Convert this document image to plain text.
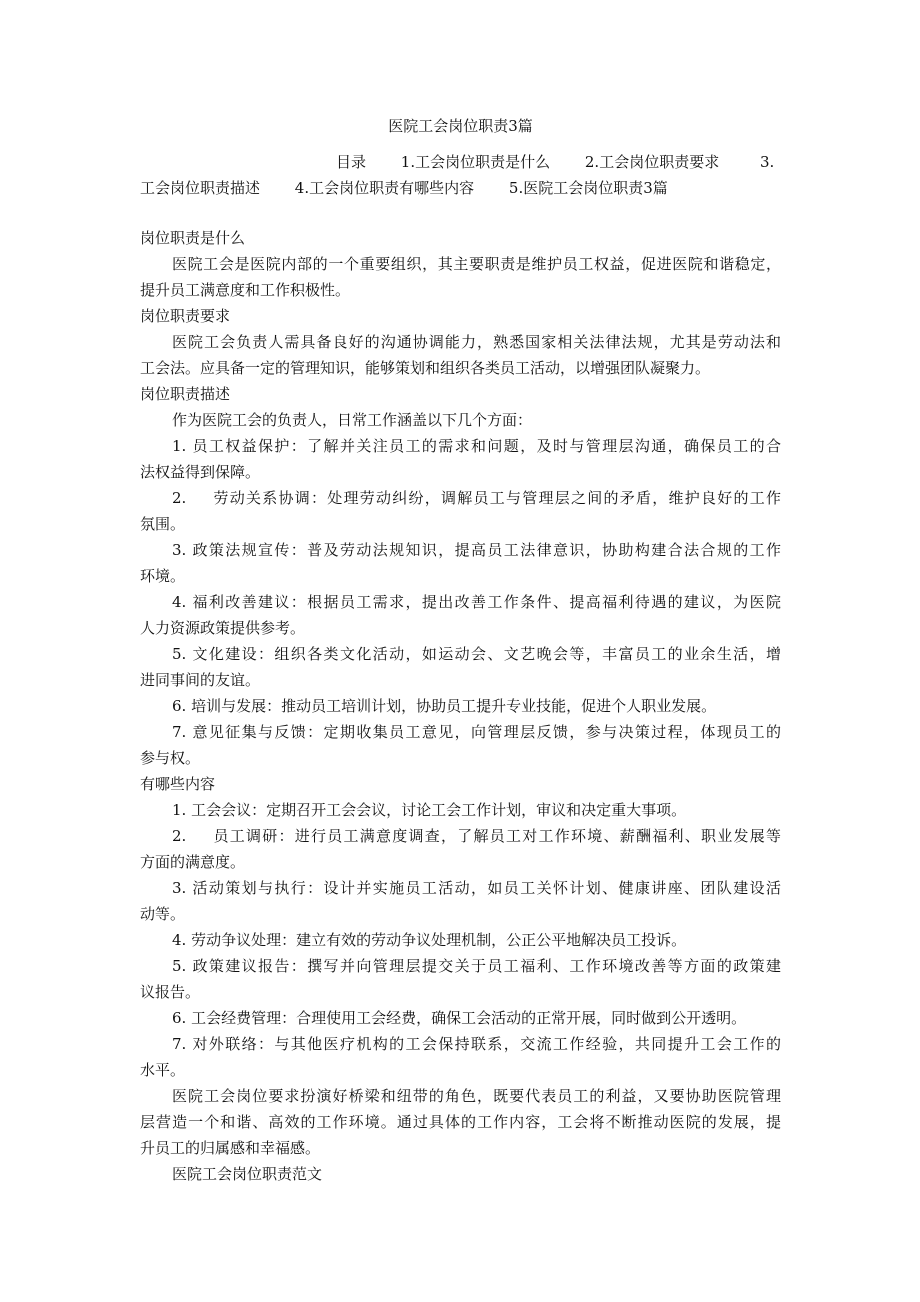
医院工会岗位职责3篇
目录 1.工会岗位职责是什么 2.工会岗位职责要求	3.
工会岗位职责描述 4.工会岗位职责有哪些内容 5.医院工会岗位职责3篇
岗位职责是什么
医院工会是医院内部的一个重要组织，其主要职责是维护员工权益，促进医院和谐稳定，
提升员工满意度和工作积极性。
岗位职责要求
医院工会负责人需具备良好的沟通协调能力，熟悉国家相关法律法规，尤其是劳动法和
工会法。应具备一定的管理知识，能够策划和组织各类员工活动，以增强团队凝聚力。
岗位职责描述
作为医院工会的负责人，日常工作涵盖以下几个方面：
1. 员工权益保护：了解并关注员工的需求和问题，及时与管理层沟通，确保员工的合
法权益得到保障。
2. 劳动关系协调：处理劳动纠纷，调解员工与管理层之间的矛盾，维护良好的工作
氛围。
3. 政策法规宣传：普及劳动法规知识，提高员工法律意识，协助构建合法合规的工作
环境。
4. 福利改善建议：根据员工需求，提出改善工作条件、提高福利待遇的建议，为医院
人力资源政策提供参考。
5. 文化建设：组织各类文化活动，如运动会、文艺晚会等，丰富员工的业余生活，增
进同事间的友谊。
6. 培训与发展：推动员工培训计划，协助员工提升专业技能，促进个人职业发展。
7. 意见征集与反馈：定期收集员工意见，向管理层反馈，参与决策过程，体现员工的
参与权。
有哪些内容
1. 工会会议：定期召开工会会议，讨论工会工作计划，审议和决定重大事项。
2. 员工调研：进行员工满意度调查，了解员工对工作环境、薪酬福利、职业发展等
方面的满意度。
3. 活动策划与执行：设计并实施员工活动，如员工关怀计划、健康讲座、团队建设活
动等。
4. 劳动争议处理：建立有效的劳动争议处理机制，公正公平地解决员工投诉。
5. 政策建议报告：撰写并向管理层提交关于员工福利、工作环境改善等方面的政策建
议报告。
6. 工会经费管理：合理使用工会经费，确保工会活动的正常开展，同时做到公开透明。
7. 对外联络：与其他医疗机构的工会保持联系，交流工作经验，共同提升工会工作的
水平。
医院工会岗位要求扮演好桥梁和纽带的角色，既要代表员工的利益，又要协助医院管理
层营造一个和谐、高效的工作环境。通过具体的工作内容，工会将不断推动医院的发展，提
升员工的归属感和幸福感。
医院工会岗位职责范文
